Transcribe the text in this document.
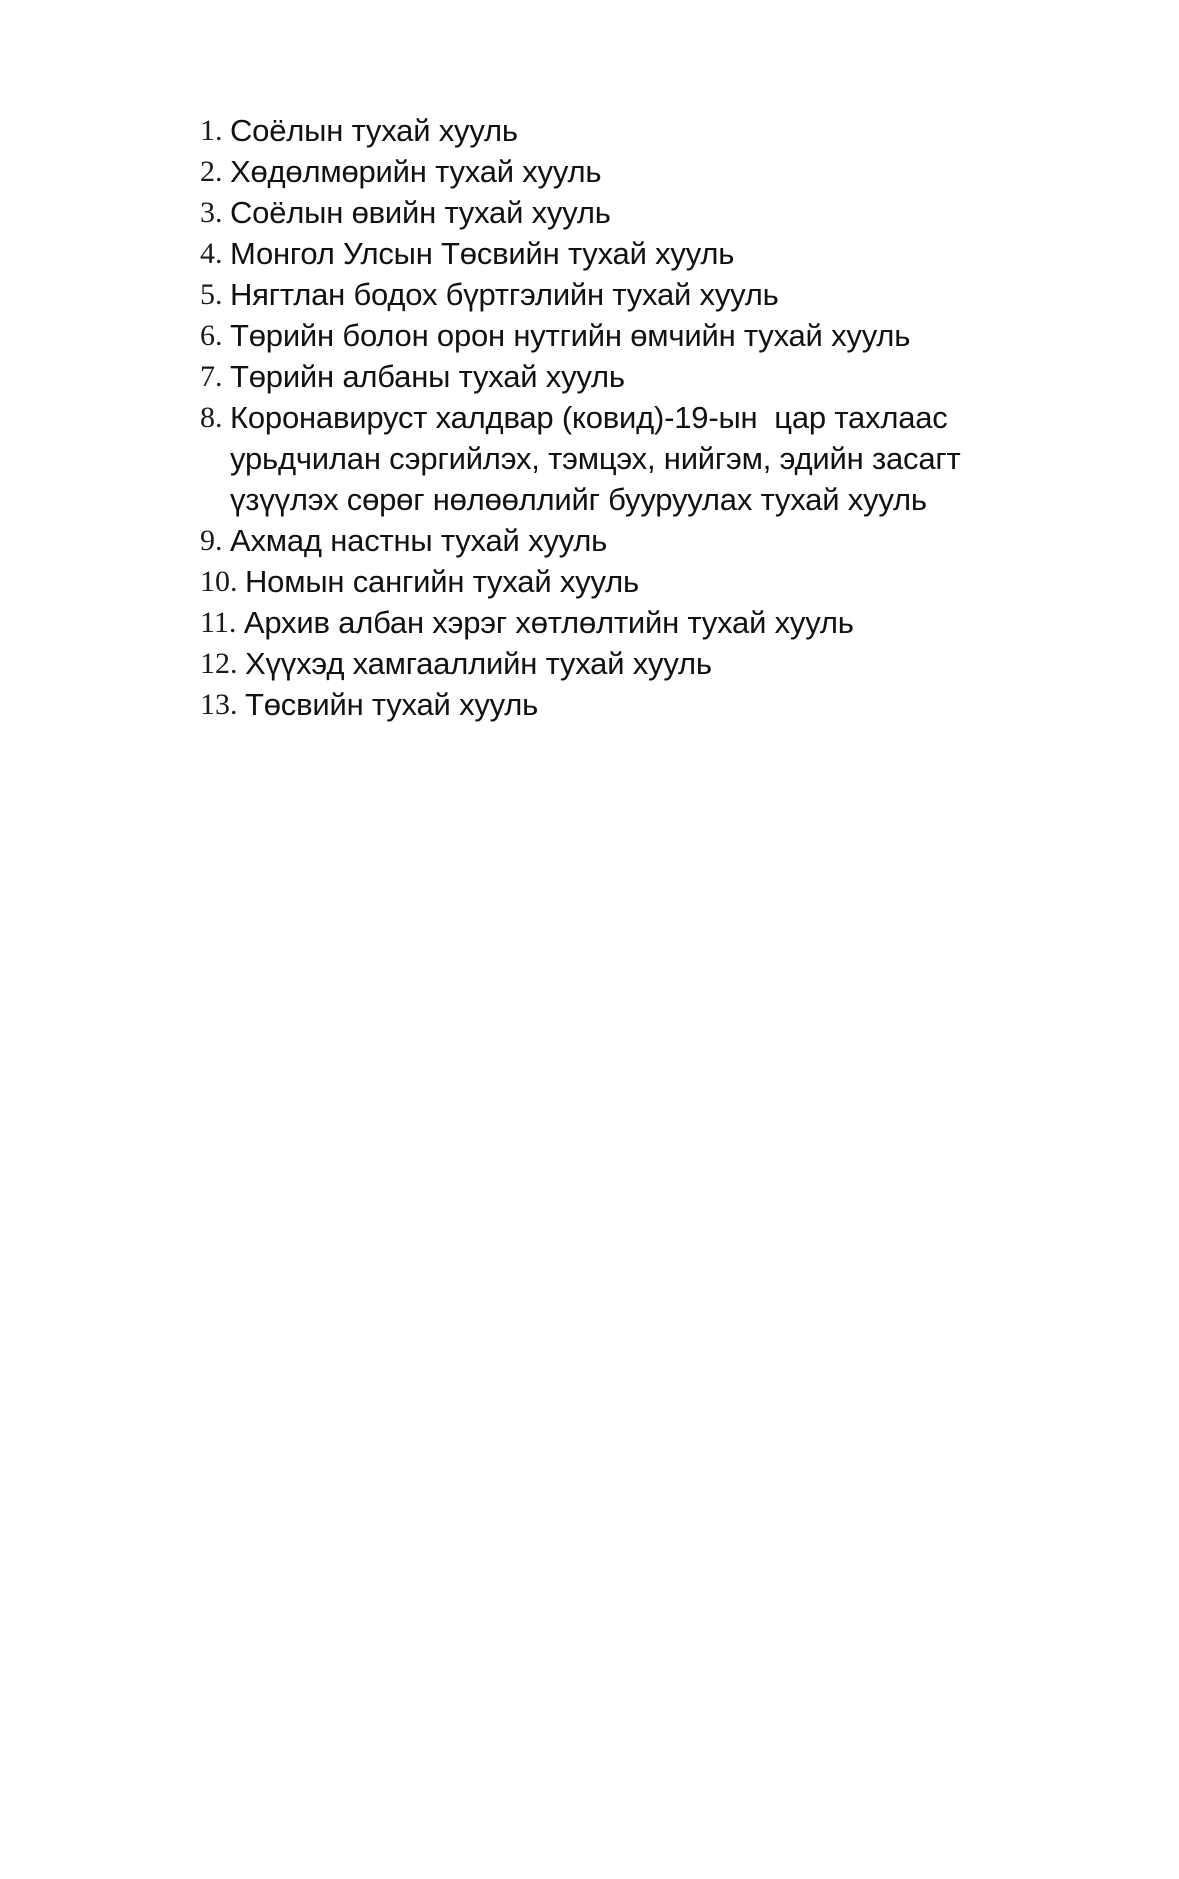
1.
Соёлын тухай хууль
2.
Хөдөлмөрийн тухай хууль
3.
Соёлын өвийн тухай хууль
4.
Монгол Улсын Төсвийн тухай хууль
5.
Нягтлан бодох бүртгэлийн тухай хууль
6.
Төрийн болон орон нутгийн өмчийн тухай хууль
7.
Төрийн албаны тухай хууль
8.
Коронавируст халдвар (ковид)-19-ын  цар тахлаас
урьдчилан сэргийлэх, тэмцэх, нийгэм, эдийн засагт
үзүүлэх сөрөг нөлөөллийг бууруулах тухай хууль
9.
Ахмад настны тухай хууль
10.
Номын сангийн тухай хууль
11.
Архив албан хэрэг хөтлөлтийн тухай хууль
12.
Хүүхэд хамгааллийн тухай хууль
13.
Төсвийн тухай хууль
